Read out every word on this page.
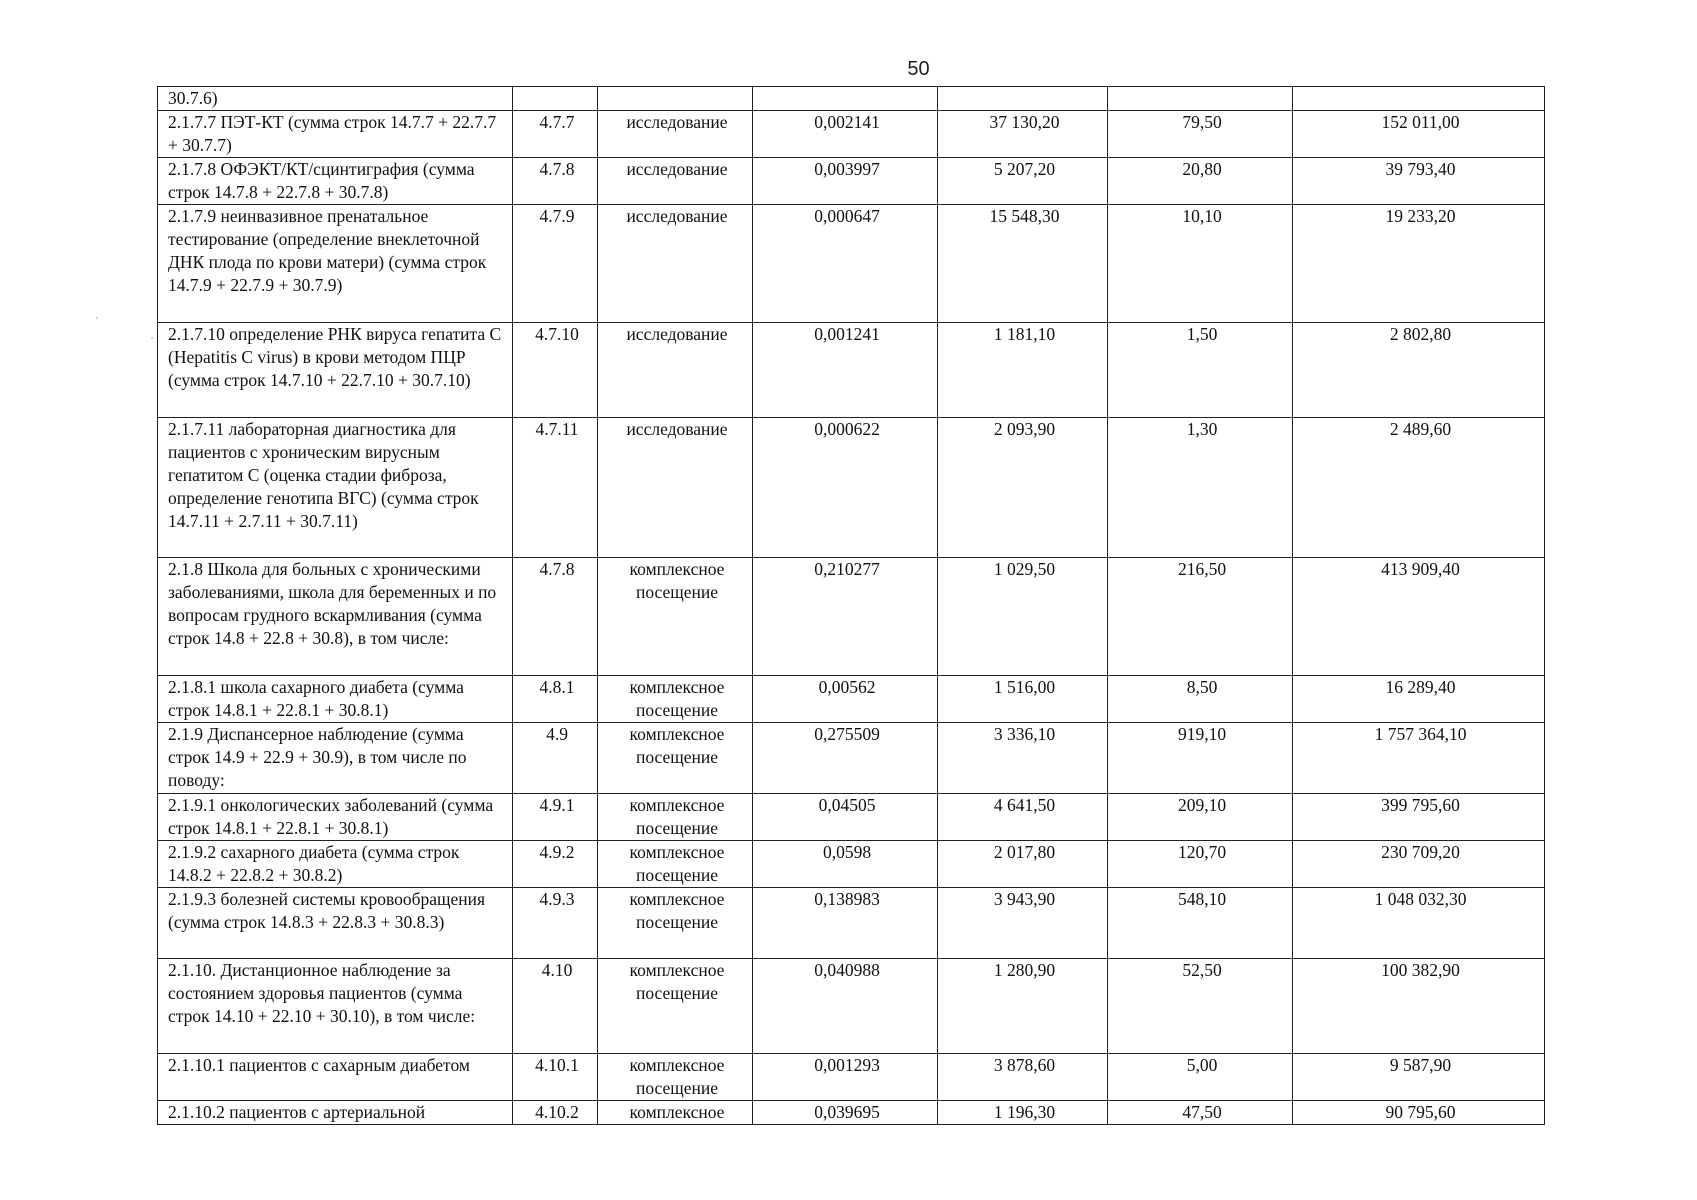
50
·
·
30.7.6)						
2.1.7.7 ПЭТ-КТ (сумма строк 14.7.7 + 22.7.7 + 30.7.7)	4.7.7	исследование	0,002141	37 130,20	79,50	152 011,00
2.1.7.8 ОФЭКТ/КТ/сцинтиграфия (сумма строк 14.7.8 + 22.7.8 + 30.7.8)	4.7.8	исследование	0,003997	5 207,20	20,80	39 793,40
2.1.7.9 неинвазивное пренатальное тестирование (определение внеклеточной ДНК плода по крови матери) (сумма строк 14.7.9 + 22.7.9 + 30.7.9)	4.7.9	исследование	0,000647	15 548,30	10,10	19 233,20
2.1.7.10 определение РНК вируса гепатита С (Hepatitis C virus) в крови методом ПЦР (сумма строк 14.7.10 + 22.7.10 + 30.7.10)	4.7.10	исследование	0,001241	1 181,10	1,50	2 802,80
2.1.7.11 лабораторная диагностика для пациентов с хроническим вирусным гепатитом С (оценка стадии фиброза, определение генотипа ВГС) (сумма строк 14.7.11 + 2.7.11 + 30.7.11)	4.7.11	исследование	0,000622	2 093,90	1,30	2 489,60
2.1.8 Школа для больных с хроническими заболеваниями, школа для беременных и по вопросам грудного вскармливания (сумма строк 14.8 + 22.8 + 30.8), в том числе:	4.7.8	комплексное посещение	0,210277	1 029,50	216,50	413 909,40
2.1.8.1 школа сахарного диабета (сумма строк 14.8.1 + 22.8.1 + 30.8.1)	4.8.1	комплексное посещение	0,00562	1 516,00	8,50	16 289,40
2.1.9 Диспансерное наблюдение (сумма строк 14.9 + 22.9 + 30.9), в том числе по поводу:	4.9	комплексное посещение	0,275509	3 336,10	919,10	1 757 364,10
2.1.9.1 онкологических заболеваний (сумма строк 14.8.1 + 22.8.1 + 30.8.1)	4.9.1	комплексное посещение	0,04505	4 641,50	209,10	399 795,60
2.1.9.2 сахарного диабета (сумма строк 14.8.2 + 22.8.2 + 30.8.2)	4.9.2	комплексное посещение	0,0598	2 017,80	120,70	230 709,20
2.1.9.3 болезней системы кровообращения (сумма строк 14.8.3 + 22.8.3 + 30.8.3)	4.9.3	комплексное посещение	0,138983	3 943,90	548,10	1 048 032,30
2.1.10. Дистанционное наблюдение за состоянием здоровья пациентов (сумма строк 14.10 + 22.10 + 30.10), в том числе:	4.10	комплексное посещение	0,040988	1 280,90	52,50	100 382,90
2.1.10.1 пациентов с сахарным диабетом	4.10.1	комплексное посещение	0,001293	3 878,60	5,00	9 587,90
2.1.10.2 пациентов с артериальной	4.10.2	комплексное	0,039695	1 196,30	47,50	90 795,60
